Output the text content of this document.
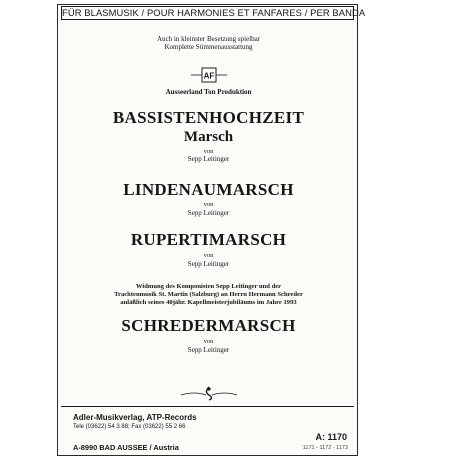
FÜR BLASMUSIK / POUR HARMONIES ET FANFARES / PER BANDA
Auch in kleinster Besetzung spielbar
Komplette Stimmenausstattung
AF
Ausseerland Ton Produktion
BASSISTENHOCHZEIT
Marsch
von
Sepp Leitinger
LINDENAUMARSCH
von
Sepp Leitinger
RUPERTIMARSCH
von
Sepp Leitinger
Widmung des Komponisten Sepp Leitinger und der
Trachtenmusik St. Martin (Salzburg) an Herrn Hermann Schreder
anläßlich seines 40jähr. Kapellmeisterjubiläums im Jahre 1993
SCHREDERMARSCH
von
Sepp Leitinger
Adler-Musikverlag, ATP-Records
Tele (03622) 54 3 88; Fax (03622) 55 2 66
A-8990 BAD AUSSEE / Austria
A: 1170
1171 - 1172 - 1173
